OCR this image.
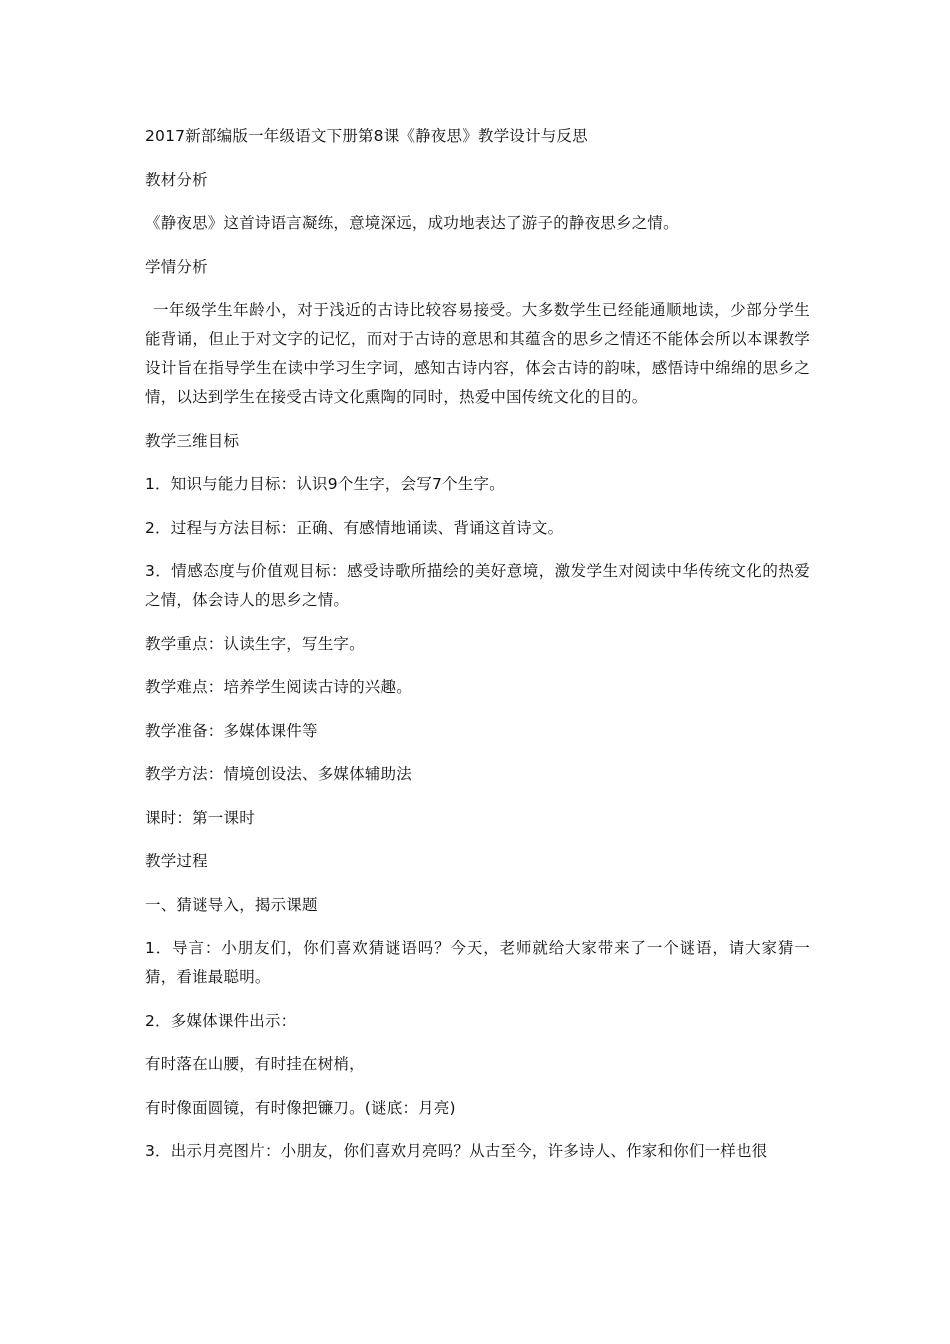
2017新部编版一年级语文下册第8课《静夜思》教学设计与反思

教材分析

《静夜思》这首诗语言凝练，意境深远，成功地表达了游子的静夜思乡之情。

学情分析

一年级学生年龄小，对于浅近的古诗比较容易接受。大多数学生已经能通顺地读，少部分学生能背诵，但止于对文字的记忆，而对于古诗的意思和其蕴含的思乡之情还不能体会所以本课教学设计旨在指导学生在读中学习生字词，感知古诗内容，体会古诗的韵味，感悟诗中绵绵的思乡之情，以达到学生在接受古诗文化熏陶的同时，热爱中国传统文化的目的。

教学三维目标

1．知识与能力目标：认识9个生字，会写7个生字。

2．过程与方法目标：正确、有感情地诵读、背诵这首诗文。

3．情感态度与价值观目标：感受诗歌所描绘的美好意境，激发学生对阅读中华传统文化的热爱之情，体会诗人的思乡之情。

教学重点：认读生字，写生字。

教学难点：培养学生阅读古诗的兴趣。

教学准备：多媒体课件等

教学方法：情境创设法、多媒体辅助法

课时：第一课时

教学过程

一、猜谜导入，揭示课题

1．导言：小朋友们，你们喜欢猜谜语吗？今天，老师就给大家带来了一个谜语，请大家猜一猜，看谁最聪明。

2．多媒体课件出示：

有时落在山腰，有时挂在树梢，

有时像面圆镜，有时像把镰刀。(谜底：月亮)

3．出示月亮图片：小朋友，你们喜欢月亮吗？从古至今，许多诗人、作家和你们一样也很
